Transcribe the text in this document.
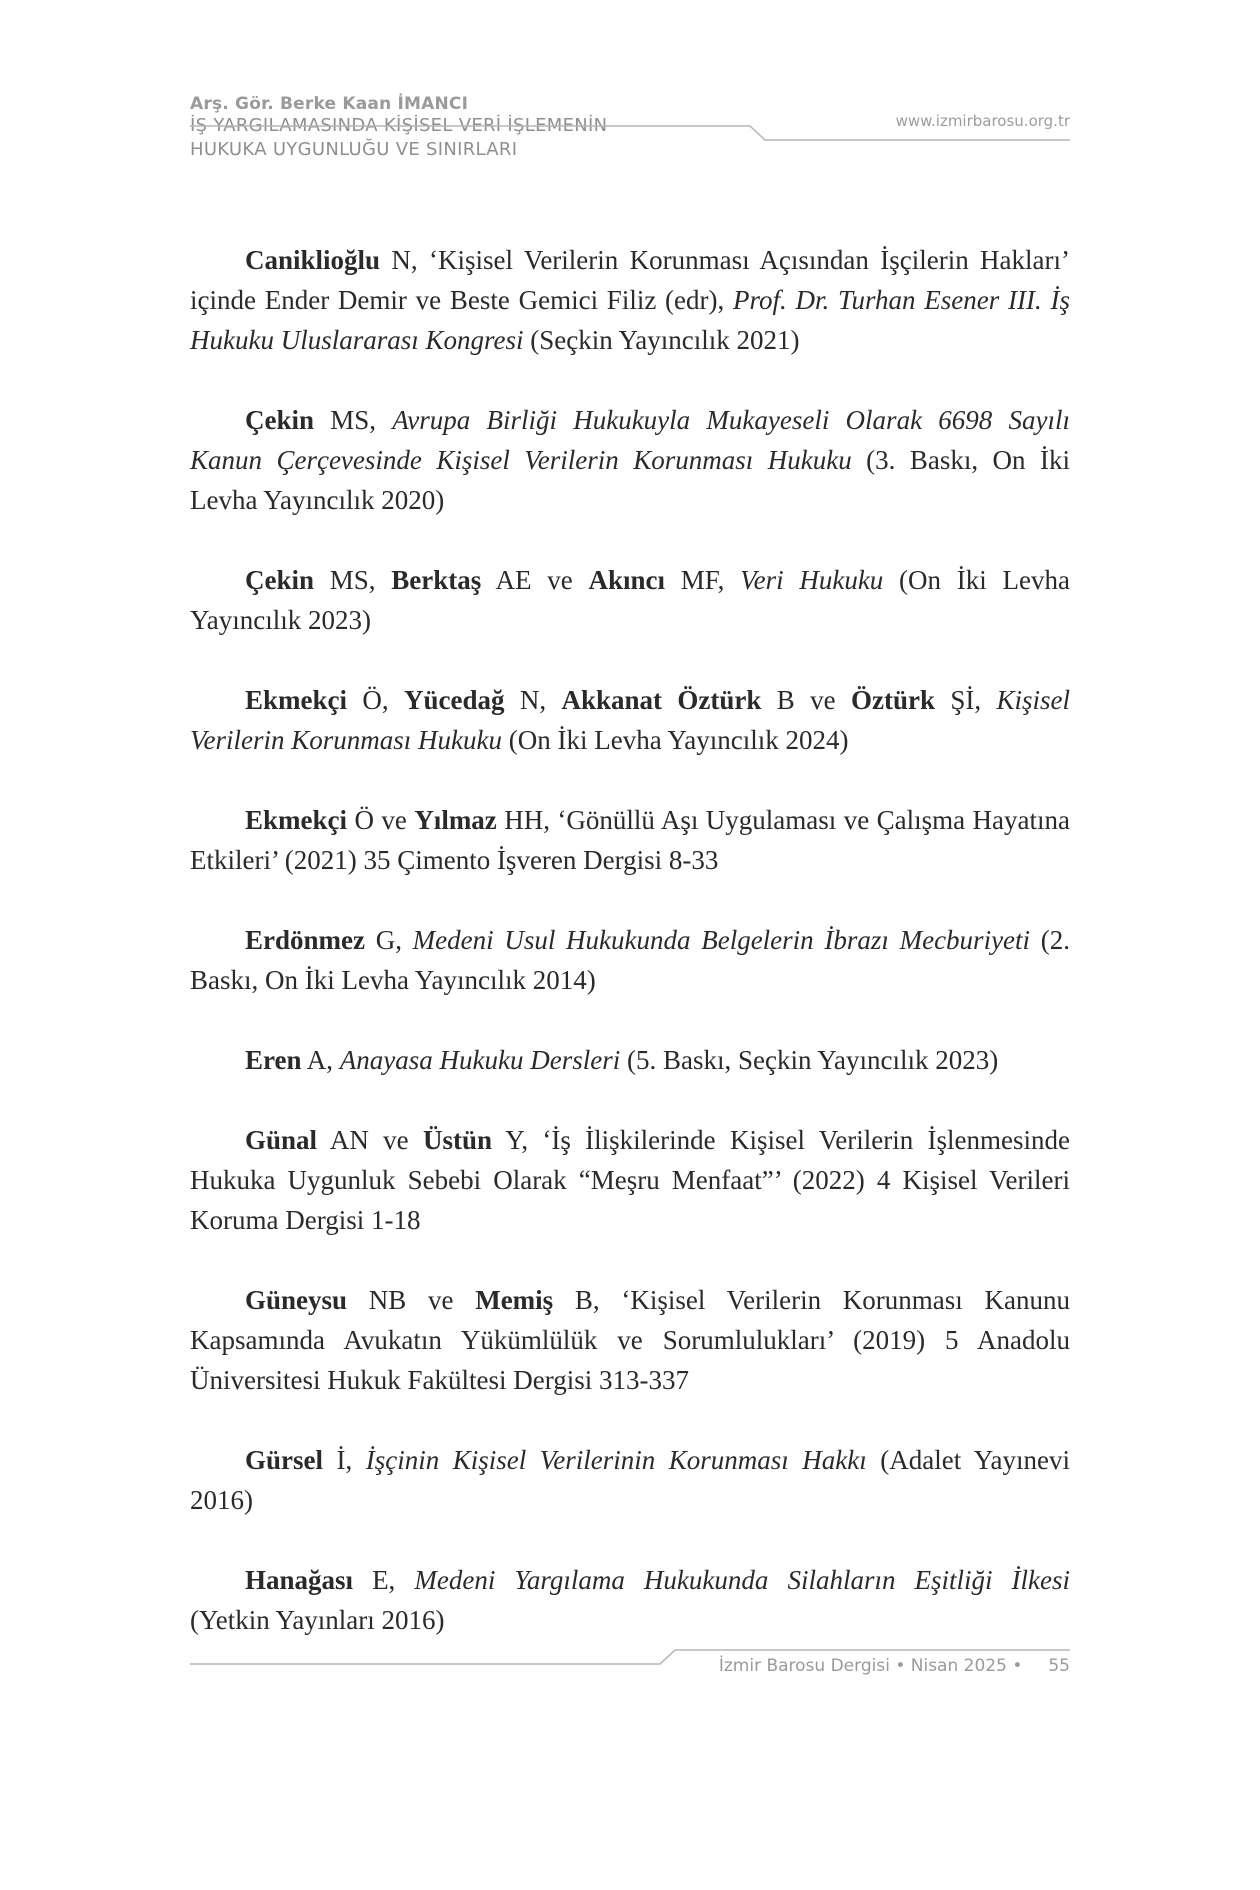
Arş. Gör. Berke Kaan İMANCI
İŞ YARGILAMASINDA KİŞİSEL VERİ İŞLEMENİN
HUKUKA UYGUNLUĞU VE SINIRLARI
www.izmirbarosu.org.tr

Caniklioğlu N, ‘Kişisel Verilerin Korunması Açısından İşçilerin Hakları’ içinde Ender Demir ve Beste Gemici Filiz (edr), Prof. Dr. Turhan Esener III. İş Hukuku Uluslararası Kongresi (Seçkin Yayıncılık 2021)

Çekin MS, Avrupa Birliği Hukukuyla Mukayeseli Olarak 6698 Sayılı Kanun Çerçevesinde Kişisel Verilerin Korunması Hukuku (3. Baskı, On İki Levha Yayıncılık 2020)

Çekin MS, Berktaş AE ve Akıncı MF, Veri Hukuku (On İki Levha Yayıncılık 2023)

Ekmekçi Ö, Yücedağ N, Akkanat Öztürk B ve Öztürk Şİ, Kişisel Verilerin Korunması Hukuku (On İki Levha Yayıncılık 2024)

Ekmekçi Ö ve Yılmaz HH, ‘Gönüllü Aşı Uygulaması ve Çalışma Hayatına Etkileri’ (2021) 35 Çimento İşveren Dergisi 8-33

Erdönmez G, Medeni Usul Hukukunda Belgelerin İbrazı Mecburiyeti (2. Baskı, On İki Levha Yayıncılık 2014)

Eren A, Anayasa Hukuku Dersleri (5. Baskı, Seçkin Yayıncılık 2023)

Günal AN ve Üstün Y, ‘İş İlişkilerinde Kişisel Verilerin İşlenmesinde Hukuka Uygunluk Sebebi Olarak “Meşru Menfaat”’ (2022) 4 Kişisel Verileri Koruma Dergisi 1-18

Güneysu NB ve Memiş B, ‘Kişisel Verilerin Korunması Kanunu Kapsamında Avukatın Yükümlülük ve Sorumlulukları’ (2019) 5 Anadolu Üniversitesi Hukuk Fakültesi Dergisi 313-337

Gürsel İ, İşçinin Kişisel Verilerinin Korunması Hakkı (Adalet Yayınevi 2016)

Hanağası E, Medeni Yargılama Hukukunda Silahların Eşitliği İlkesi (Yetkin Yayınları 2016)

İzmir Barosu Dergisi • Nisan 2025 • 55
